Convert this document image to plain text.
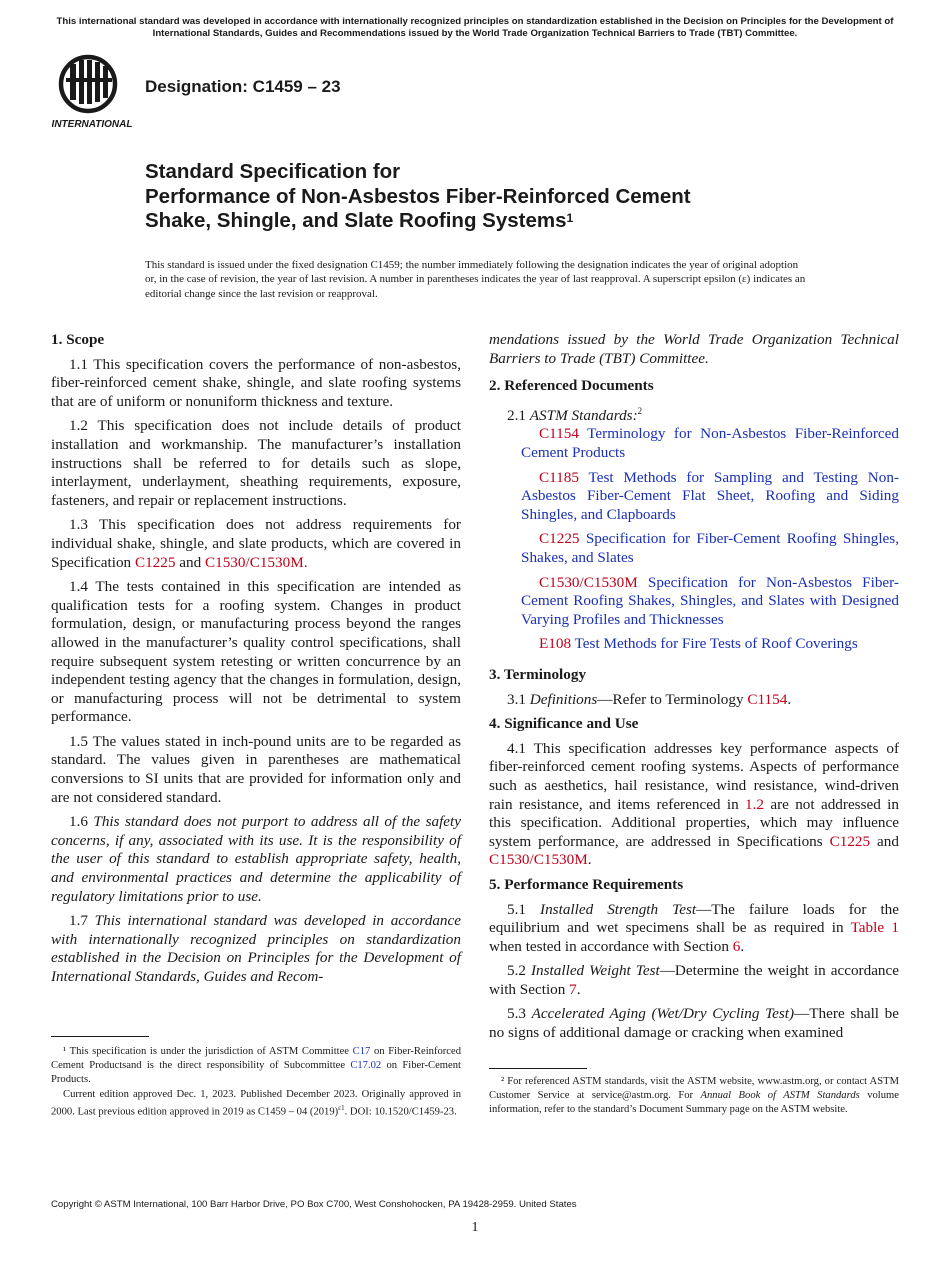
This international standard was developed in accordance with internationally recognized principles on standardization established in the Decision on Principles for the Development of International Standards, Guides and Recommendations issued by the World Trade Organization Technical Barriers to Trade (TBT) Committee.
INTERNATIONAL
Designation: C1459 – 23
Standard Specification for
Performance of Non-Asbestos Fiber-Reinforced Cement
Shake, Shingle, and Slate Roofing Systems$^1$
This standard is issued under the fixed designation C1459; the number immediately following the designation indicates the year of original adoption or, in the case of revision, the year of last revision. A number in parentheses indicates the year of last reapproval. A superscript epsilon (ε) indicates an editorial change since the last revision or reapproval.
1. Scope

1.1 This specification covers the performance of non-asbestos, fiber-reinforced cement shake, shingle, and slate roofing systems that are of uniform or nonuniform thickness and texture.

1.2 This specification does not include details of product installation and workmanship. The manufacturer’s installation instructions shall be referred to for details such as slope, interlayment, underlayment, sheathing requirements, exposure, fasteners, and repair or replacement instructions.

1.3 This specification does not address requirements for individual shake, shingle, and slate products, which are covered in Specification C1225 and C1530/C1530M.

1.4 The tests contained in this specification are intended as qualification tests for a roofing system. Changes in product formulation, design, or manufacturing process beyond the ranges allowed in the manufacturer’s quality control specifications, shall require subsequent system retesting or written concurrence by an independent testing agency that the changes in formulation, design, or manufacturing process will not be detrimental to system performance.

1.5 The values stated in inch-pound units are to be regarded as standard. The values given in parentheses are mathematical conversions to SI units that are provided for information only and are not considered standard.

1.6 This standard does not purport to address all of the safety concerns, if any, associated with its use. It is the responsibility of the user of this standard to establish appropriate safety, health, and environmental practices and determine the applicability of regulatory limitations prior to use.

1.7 This international standard was developed in accordance with internationally recognized principles on standardization established in the Decision on Principles for the Development of International Standards, Guides and Recom-

¹ This specification is under the jurisdiction of ASTM Committee C17 on Fiber-Reinforced Cement Productsand is the direct responsibility of Subcommittee C17.02 on Fiber-Cement Products.

Current edition approved Dec. 1, 2023. Published December 2023. Originally approved in 2000. Last previous edition approved in 2019 as C1459 – 04 $(2019)^{\varepsilon 1}$. DOI: 10.1520/C1459-23.

mendations issued by the World Trade Organization Technical Barriers to Trade (TBT) Committee.

2. Referenced Documents

2.1 ASTM Standards:$^2$

C1154 Terminology for Non-Asbestos Fiber-Reinforced Cement Products

C1185 Test Methods for Sampling and Testing Non-Asbestos Fiber-Cement Flat Sheet, Roofing and Siding Shingles, and Clapboards

C1225 Specification for Fiber-Cement Roofing Shingles, Shakes, and Slates

C1530/C1530M Specification for Non-Asbestos Fiber-Cement Roofing Shakes, Shingles, and Slates with Designed Varying Profiles and Thicknesses

E108 Test Methods for Fire Tests of Roof Coverings

3. Terminology

3.1 Definitions—Refer to Terminology C1154.

4. Significance and Use

4.1 This specification addresses key performance aspects of fiber-reinforced cement roofing systems. Aspects of performance such as aesthetics, hail resistance, wind resistance, wind-driven rain resistance, and items referenced in 1.2 are not addressed in this specification. Additional properties, which may influence system performance, are addressed in Specifications C1225 and C1530/C1530M.

5. Performance Requirements

5.1 Installed Strength Test—The failure loads for the equilibrium and wet specimens shall be as required in Table 1 when tested in accordance with Section 6.

5.2 Installed Weight Test—Determine the weight in accordance with Section 7.

5.3 Accelerated Aging (Wet/Dry Cycling Test)—There shall be no signs of additional damage or cracking when examined

² For referenced ASTM standards, visit the ASTM website, www.astm.org, or contact ASTM Customer Service at service@astm.org. For Annual Book of ASTM Standards volume information, refer to the standard’s Document Summary page on the ASTM website.

Copyright © ASTM International, 100 Barr Harbor Drive, PO Box C700, West Conshohocken, PA 19428-2959. United States
1
